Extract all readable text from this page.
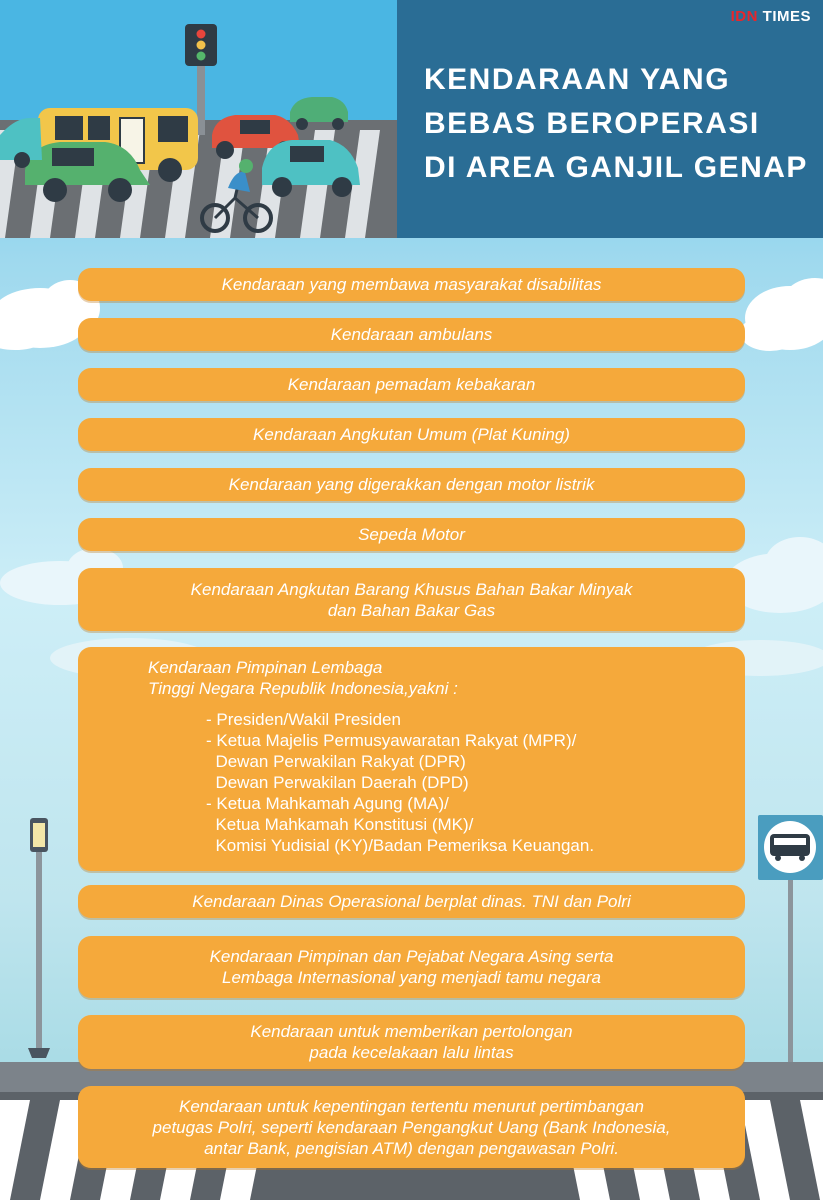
IDN TIMES
KENDARAAN YANG
BEBAS BEROPERASI
DI AREA GANJIL GENAP
Kendaraan yang membawa masyarakat disabilitas
Kendaraan ambulans
Kendaraan pemadam kebakaran
Kendaraan Angkutan Umum (Plat Kuning)
Kendaraan yang digerakkan dengan motor listrik
Sepeda Motor
Kendaraan Angkutan Barang Khusus Bahan Bakar Minyak
dan Bahan Bakar Gas
Kendaraan Pimpinan Lembaga
Tinggi Negara Republik Indonesia,yakni :
- Presiden/Wakil Presiden
- Ketua Majelis Permusyawaratan Rakyat (MPR)/
Dewan Perwakilan Rakyat (DPR)
Dewan Perwakilan Daerah (DPD)
- Ketua Mahkamah Agung (MA)/
Ketua Mahkamah Konstitusi (MK)/
Komisi Yudisial (KY)/Badan Pemeriksa Keuangan.
Kendaraan Dinas Operasional berplat dinas. TNI dan Polri
Kendaraan Pimpinan dan Pejabat Negara Asing serta
Lembaga Internasional yang menjadi tamu negara
Kendaraan untuk memberikan pertolongan
pada kecelakaan lalu lintas
Kendaraan untuk kepentingan tertentu menurut pertimbangan
petugas Polri, seperti kendaraan Pengangkut Uang (Bank Indonesia,
antar Bank, pengisian ATM) dengan pengawasan Polri.
